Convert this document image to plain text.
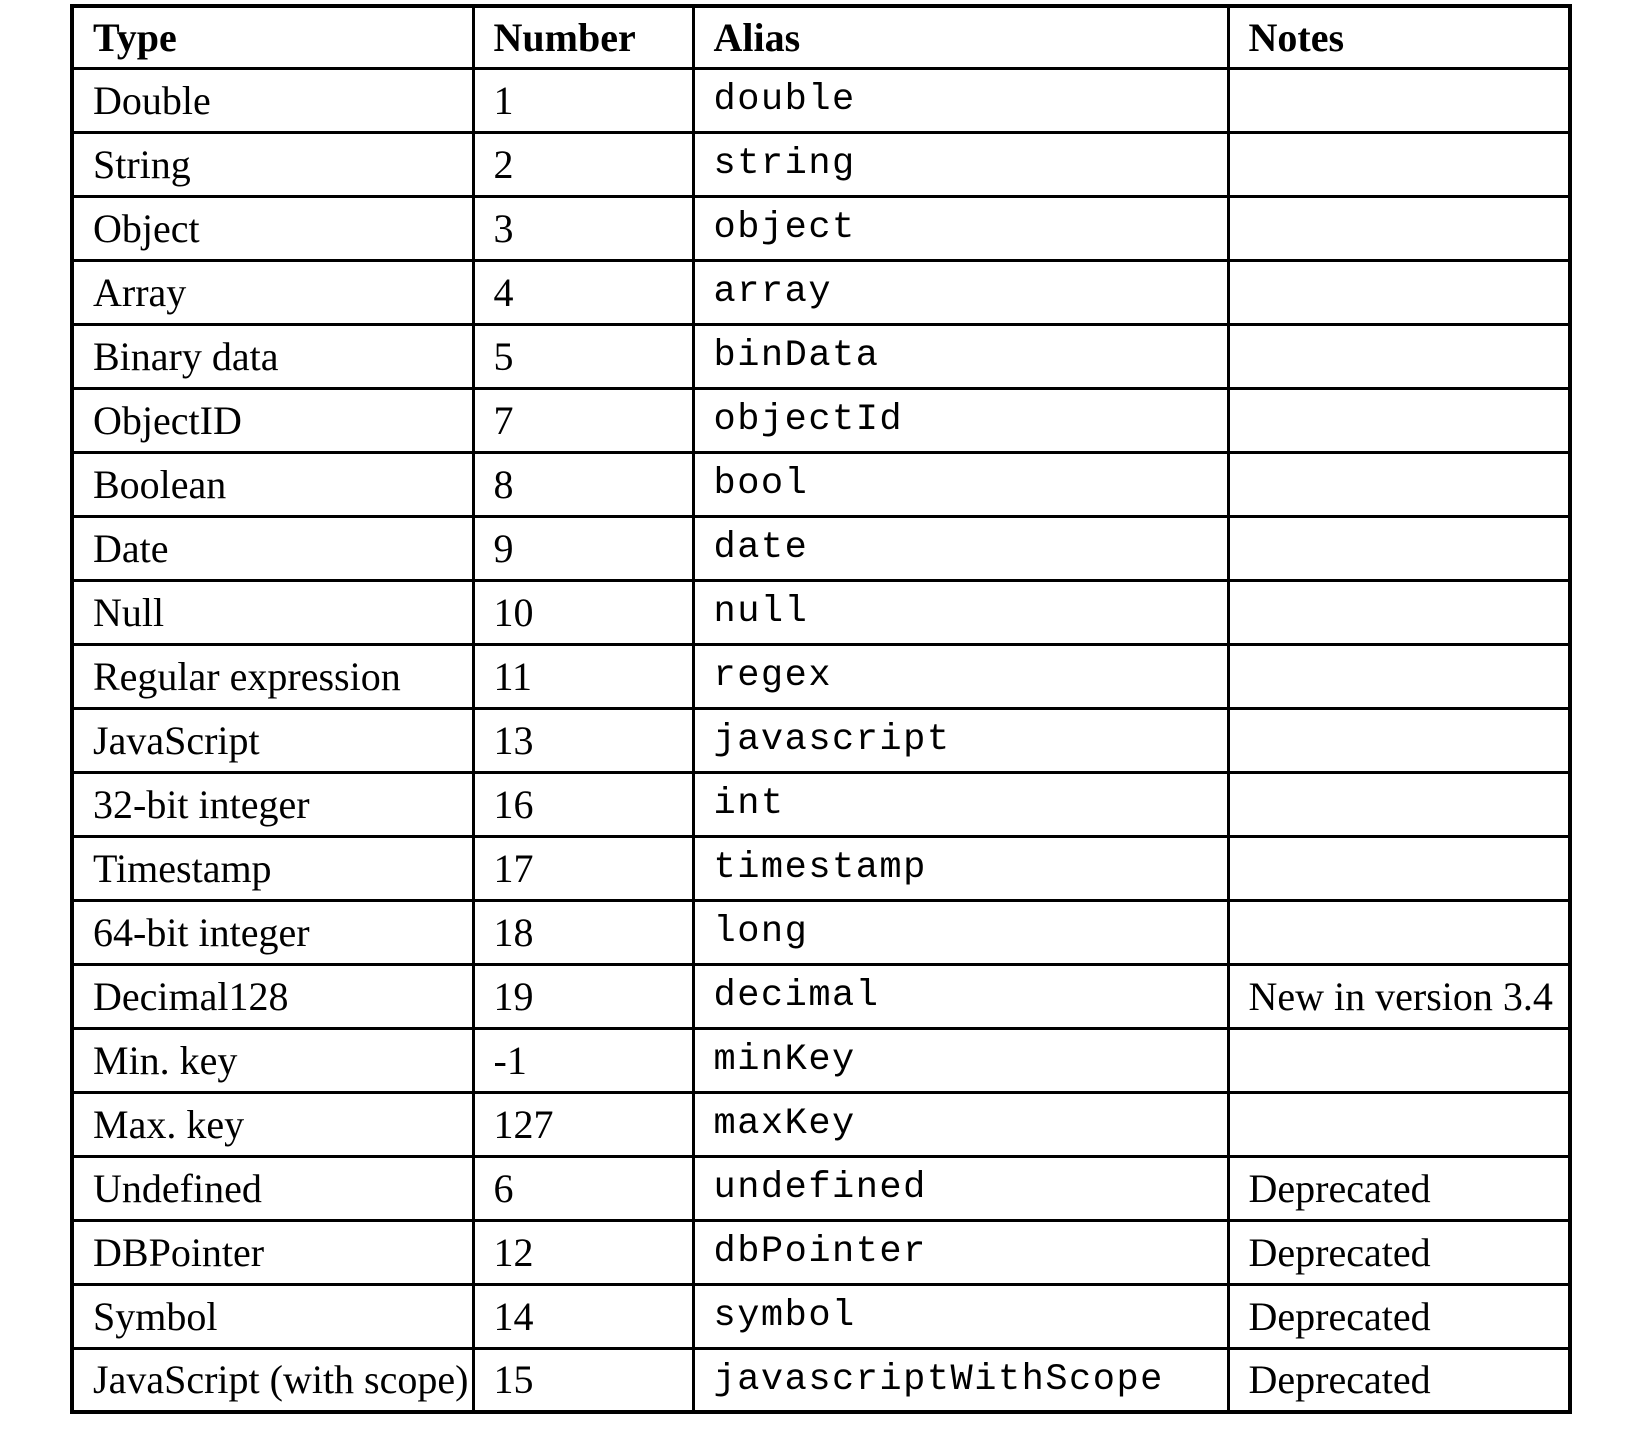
Type	Number	Alias	Notes
Double	1	double	
String	2	string	
Object	3	object	
Array	4	array	
Binary data	5	binData	
ObjectID	7	objectId	
Boolean	8	bool	
Date	9	date	
Null	10	null	
Regular expression	11	regex	
JavaScript	13	javascript	
32-bit integer	16	int	
Timestamp	17	timestamp	
64-bit integer	18	long	
Decimal128	19	decimal	New in version 3.4
Min. key	-1	minKey	
Max. key	127	maxKey	
Undefined	6	undefined	Deprecated
DBPointer	12	dbPointer	Deprecated
Symbol	14	symbol	Deprecated
JavaScript (with scope)	15	javascriptWithScope	Deprecated
